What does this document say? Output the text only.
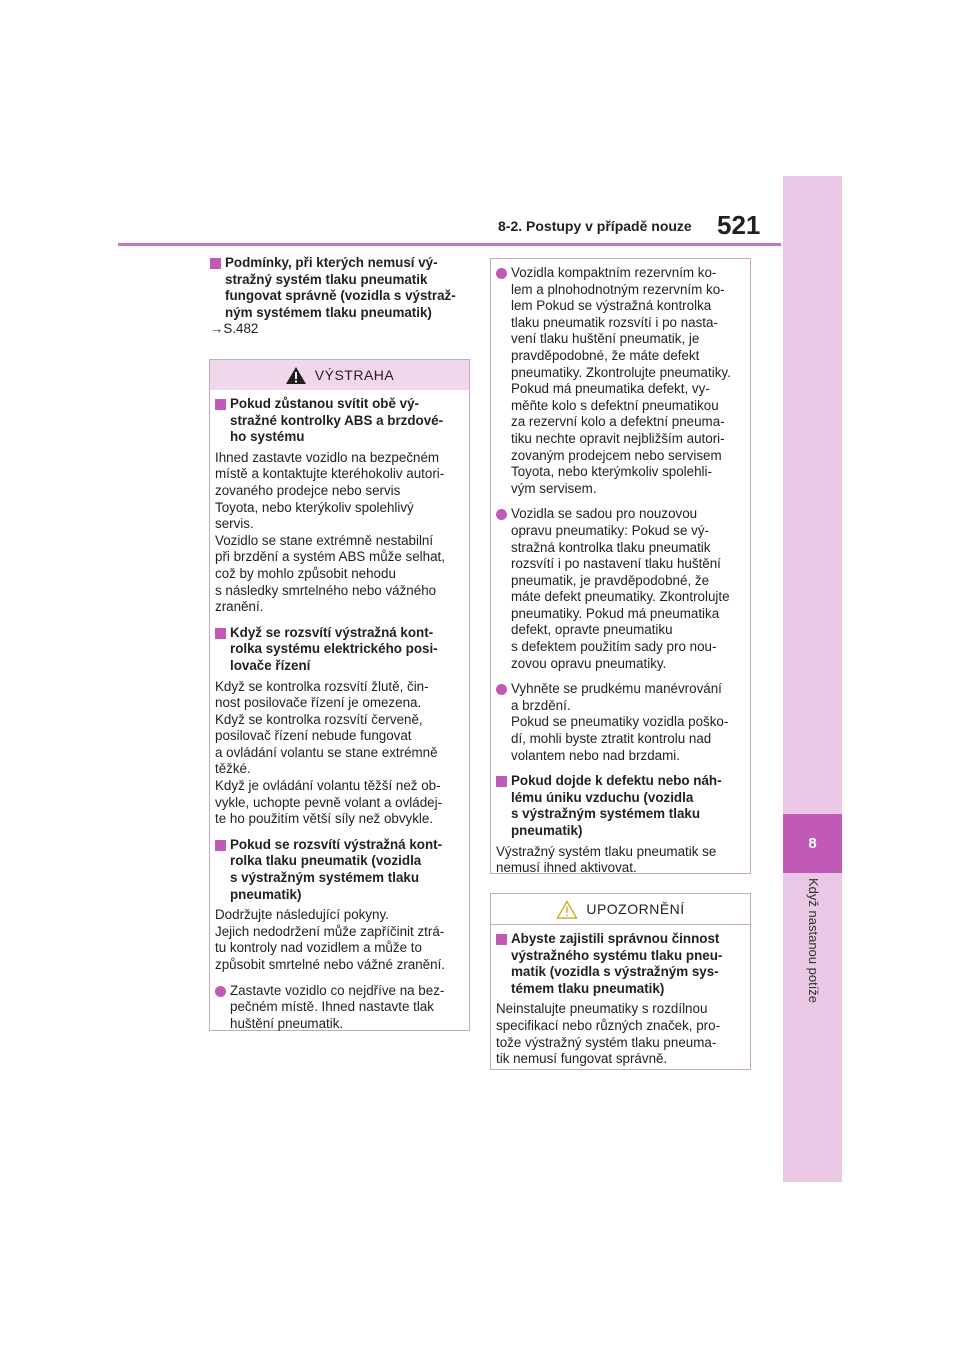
8-2. Postupy v případě nouze 521
8
Když nastanou potíže
Podmínky, při kterých nemusí vý-
stražný systém tlaku pneumatik
fungovat správně (vozidla s výstraž-
ným systémem tlaku pneumatik)

→S.482

VÝSTRAHA
Pokud zůstanou svítit obě vý-
stražné kontrolky ABS a brzdové-
ho systému

Ihned zastavte vozidlo na bezpečném
místě a kontaktujte kteréhokoliv autori-
zovaného prodejce nebo servis
Toyota, nebo kterýkoliv spolehlivý
servis.
Vozidlo se stane extrémně nestabilní
při brzdění a systém ABS může selhat,
což by mohlo způsobit nehodu
s následky smrtelného nebo vážného
zranění.

Když se rozsvítí výstražná kont-
rolka systému elektrického posi-
lovače řízení

Když se kontrolka rozsvítí žlutě, čin-
nost posilovače řízení je omezena.
Když se kontrolka rozsvítí červeně,
posilovač řízení nebude fungovat
a ovládání volantu se stane extrémně
těžké.
Když je ovládání volantu těžší než ob-
vykle, uchopte pevně volant a ovládej-
te ho použitím větší síly než obvykle.

Pokud se rozsvítí výstražná kont-
rolka tlaku pneumatik (vozidla
s výstražným systémem tlaku
pneumatik)

Dodržujte následující pokyny.
Jejich nedodržení může zapříčinit ztrá-
tu kontroly nad vozidlem a může to
způsobit smrtelné nebo vážné zranění.

Zastavte vozidlo co nejdříve na bez-
pečném místě. Ihned nastavte tlak
huštění pneumatik.
Vozidla kompaktním rezervním ko-
lem a plnohodnotným rezervním ko-
lem Pokud se výstražná kontrolka
tlaku pneumatik rozsvítí i po nasta-
vení tlaku huštění pneumatik, je
pravděpodobné, že máte defekt
pneumatiky. Zkontrolujte pneumatiky.
Pokud má pneumatika defekt, vy-
měňte kolo s defektní pneumatikou
za rezervní kolo a defektní pneuma-
tiku nechte opravit nejbližším autori-
zovaným prodejcem nebo servisem
Toyota, nebo kterýmkoliv spolehli-
vým servisem.
Vozidla se sadou pro nouzovou
opravu pneumatiky: Pokud se vý-
stražná kontrolka tlaku pneumatik
rozsvítí i po nastavení tlaku huštění
pneumatik, je pravděpodobné, že
máte defekt pneumatiky. Zkontrolujte
pneumatiky. Pokud má pneumatika
defekt, opravte pneumatiku
s defektem použitím sady pro nou-
zovou opravu pneumatiky.
Vyhněte se prudkému manévrování
a brzdění.
Pokud se pneumatiky vozidla poško-
dí, mohli byste ztratit kontrolu nad
volantem nebo nad brzdami.
Pokud dojde k defektu nebo náh-
lému úniku vzduchu (vozidla
s výstražným systémem tlaku
pneumatik)

Výstražný systém tlaku pneumatik se
nemusí ihned aktivovat.

UPOZORNĚNÍ
Abyste zajistili správnou činnost
výstražného systému tlaku pneu-
matik (vozidla s výstražným sys-
témem tlaku pneumatik)

Neinstalujte pneumatiky s rozdílnou
specifikací nebo různých značek, pro-
tože výstražný systém tlaku pneuma-
tik nemusí fungovat správně.
